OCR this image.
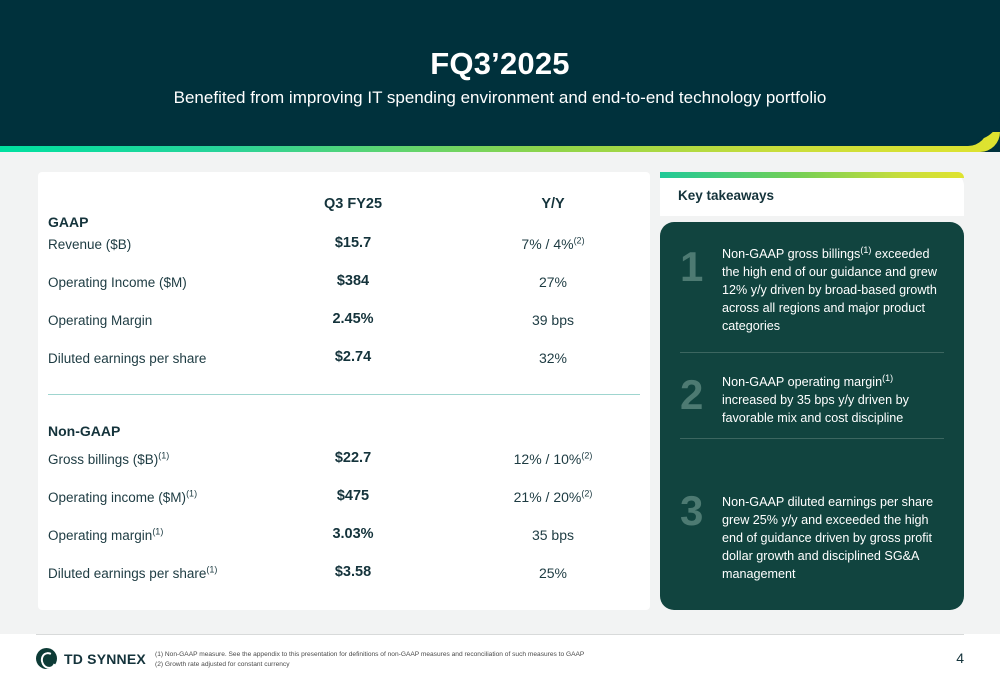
FQ3’2025
Benefited from improving IT spending environment and end-to-end technology portfolio
Q3 FY25	Y/Y
GAAP
Revenue ($B)	$15.7	7% / 4%$^{(2)}$
Operating Income ($M)	$384	27%
Operating Margin	2.45%	39 bps
Diluted earnings per share	$2.74	32%
Non-GAAP
Gross billings ($B)$^{(1)}$	$22.7	12% / 10%$^{(2)}$
Operating income ($M)$^{(1)}$	$475	21% / 20%$^{(2)}$
Operating margin$^{(1)}$	3.03%	35 bps
Diluted earnings per share$^{(1)}$	$3.58	25%
Key takeaways
1 Non-GAAP gross billings$^{(1)}$ exceeded the high end of our guidance and grew 12% y/y driven by broad-based growth across all regions and major product categories
2 Non-GAAP operating margin$^{(1)}$ increased by 35 bps y/y driven by favorable mix and cost discipline
3 Non-GAAP diluted earnings per share grew 25% y/y and exceeded the high end of guidance driven by gross profit dollar growth and disciplined SG&A management
TD SYNNEX (1) Non-GAAP measure. See the appendix to this presentation for definitions of non-GAAP measures and reconciliation of such measures to GAAP
(2) Growth rate adjusted for constant currency	4
